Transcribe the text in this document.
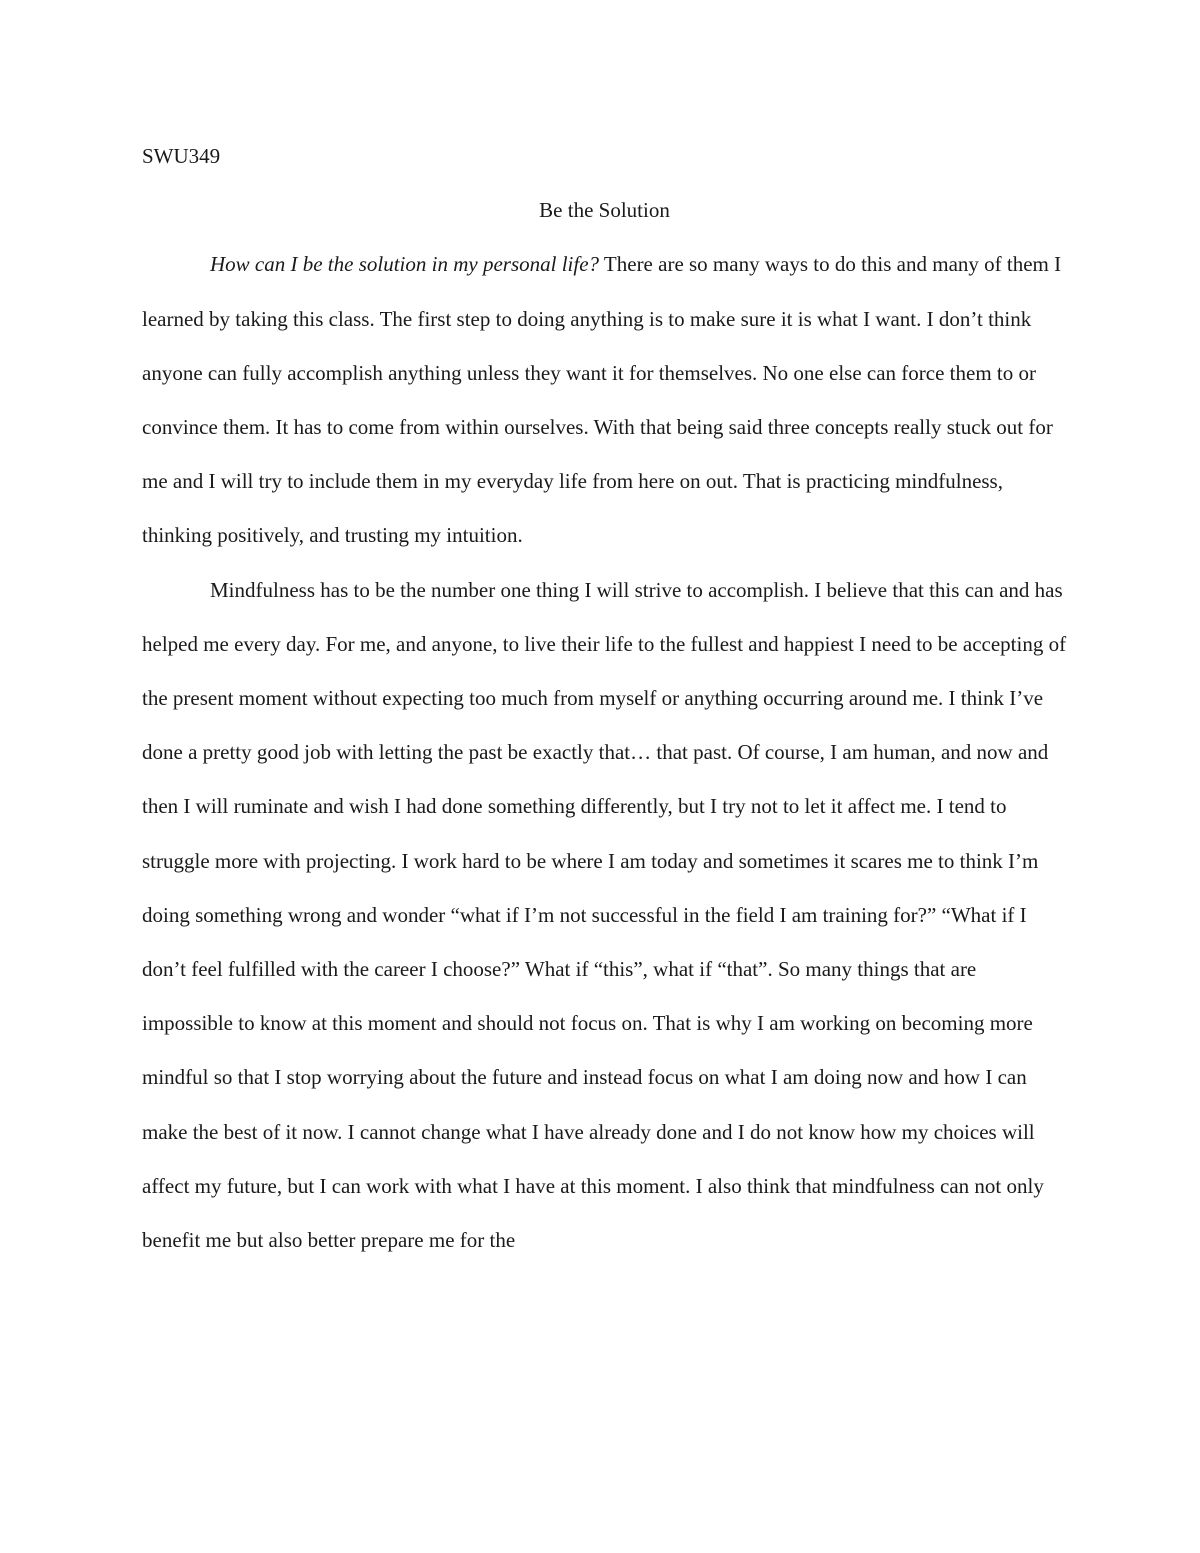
SWU349

Be the Solution

How can I be the solution in my personal life? There are so many ways to do this and many of them I learned by taking this class. The first step to doing anything is to make sure it is what I want. I don’t think anyone can fully accomplish anything unless they want it for themselves. No one else can force them to or convince them. It has to come from within ourselves. With that being said three concepts really stuck out for me and I will try to include them in my everyday life from here on out. That is practicing mindfulness, thinking positively, and trusting my intuition.

Mindfulness has to be the number one thing I will strive to accomplish. I believe that this can and has helped me every day. For me, and anyone, to live their life to the fullest and happiest I need to be accepting of the present moment without expecting too much from myself or anything occurring around me. I think I’ve done a pretty good job with letting the past be exactly that… that past. Of course, I am human, and now and then I will ruminate and wish I had done something differently, but I try not to let it affect me. I tend to struggle more with projecting. I work hard to be where I am today and sometimes it scares me to think I’m doing something wrong and wonder “what if I’m not successful in the field I am training for?” “What if I don’t feel fulfilled with the career I choose?” What if “this”, what if “that”. So many things that are impossible to know at this moment and should not focus on. That is why I am working on becoming more mindful so that I stop worrying about the future and instead focus on what I am doing now and how I can make the best of it now. I cannot change what I have already done and I do not know how my choices will affect my future, but I can work with what I have at this moment. I also think that mindfulness can not only benefit me but also better prepare me for the
